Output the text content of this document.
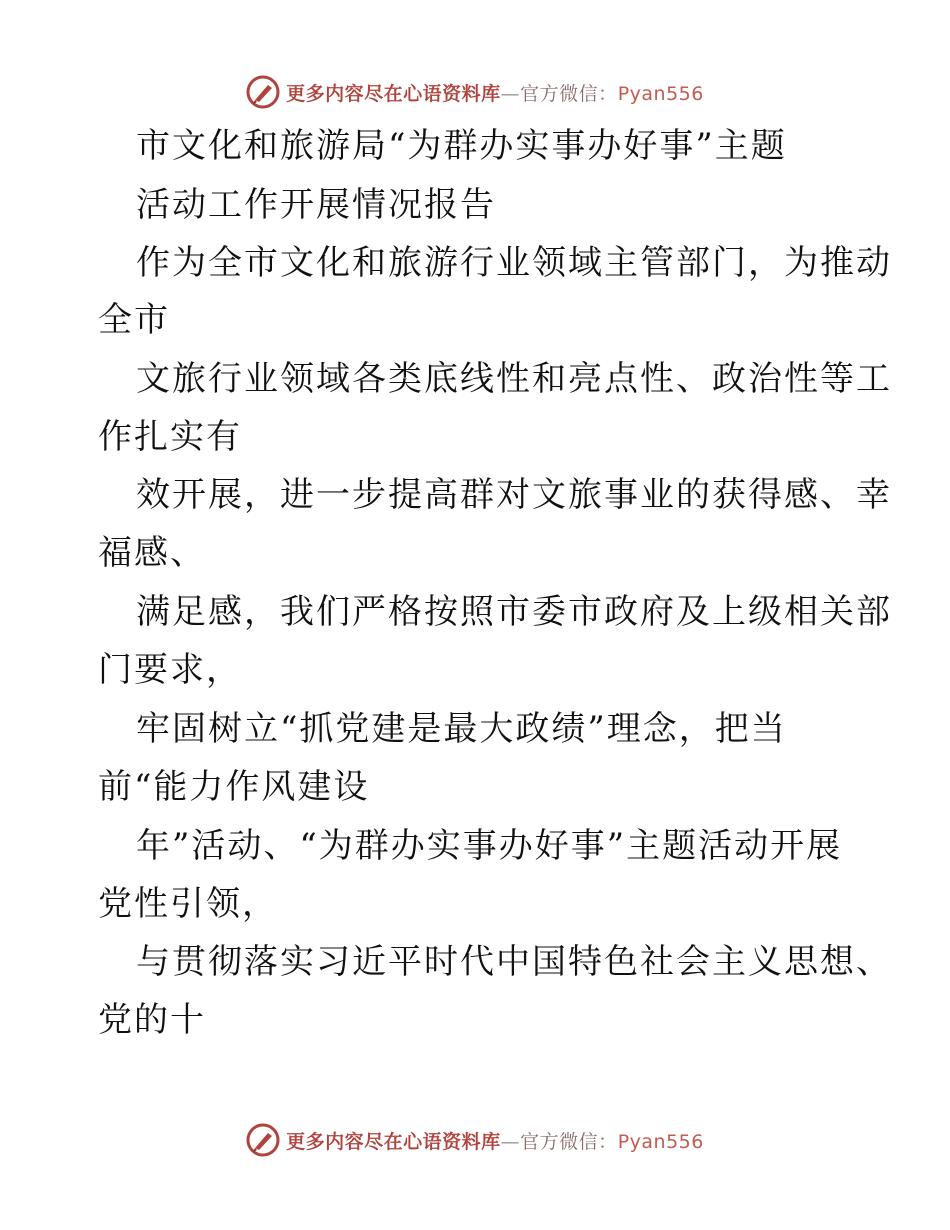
更多内容尽在心语资料库—官方微信：Pyan556
市文化和旅游局“为群办实事办好事”主题
活动工作开展情况报告
作为全市文化和旅游行业领域主管部门，为推动
全市
文旅行业领域各类底线性和亮点性、政治性等工
作扎实有
效开展，进一步提高群对文旅事业的获得感、幸
福感、
满足感，我们严格按照市委市政府及上级相关部
门要求，
牢固树立“抓党建是最大政绩”理念，把当
前“能力作风建设
年”活动、“为群办实事办好事”主题活动开展
党性引领，
与贯彻落实习近平时代中国特色社会主义思想、
党的十
更多内容尽在心语资料库—官方微信：Pyan556
